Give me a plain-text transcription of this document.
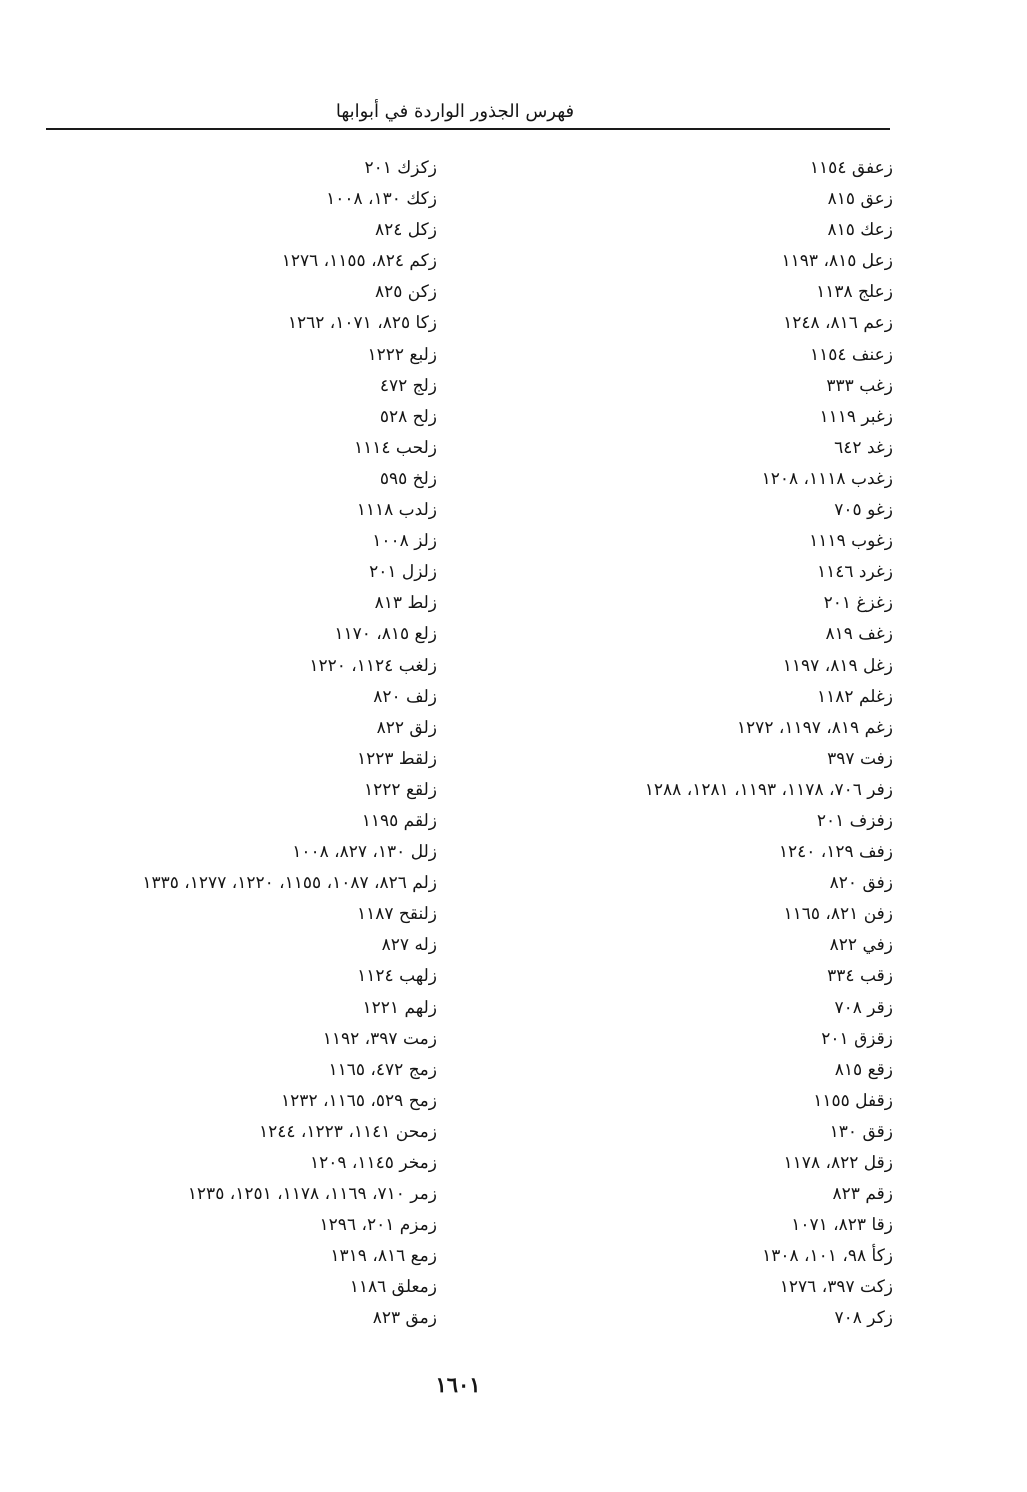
فهرس الجذور الواردة في أبوابها
زعفق ١١٥٤
زعق ٨١٥
زعك ٨١٥
زعل ٨١٥، ١١٩٣
زعلج ١١٣٨
زعم ٨١٦، ١٢٤٨
زعنف ١١٥٤
زغب ٣٣٣
زغبر ١١١٩
زغد ٦٤٢
زغدب ١١١٨، ١٢٠٨
زغو ٧٠٥
زغوب ١١١٩
زغرد ١١٤٦
زغزغ ٢٠١
زغف ٨١٩
زغل ٨١٩، ١١٩٧
زغلم ١١٨٢
زغم ٨١٩، ١١٩٧، ١٢٧٢
زفت ٣٩٧
زفر ٧٠٦، ١١٧٨، ١١٩٣، ١٢٨١، ١٢٨٨
زفزف ٢٠١
زفف ١٢٩، ١٢٤٠
زفق ٨٢٠
زفن ٨٢١، ١١٦٥
زفي ٨٢٢
زقب ٣٣٤
زقر ٧٠٨
زقزق ٢٠١
زقع ٨١٥
زقفل ١١٥٥
زقق ١٣٠
زقل ٨٢٢، ١١٧٨
زقم ٨٢٣
زقا ٨٢٣، ١٠٧١
زكأ ٩٨، ١٠١، ١٣٠٨
زكت ٣٩٧، ١٢٧٦
زكر ٧٠٨
زكزك ٢٠١
زكك ١٣٠، ١٠٠٨
زكل ٨٢٤
زكم ٨٢٤، ١١٥٥، ١٢٧٦
زكن ٨٢٥
زكا ٨٢٥، ١٠٧١، ١٢٦٢
زلبع ١٢٢٢
زلج ٤٧٢
زلح ٥٢٨
زلحب ١١١٤
زلخ ٥٩٥
زلدب ١١١٨
زلز ١٠٠٨
زلزل ٢٠١
زلط ٨١٣
زلع ٨١٥، ١١٧٠
زلغب ١١٢٤، ١٢٢٠
زلف ٨٢٠
زلق ٨٢٢
زلقط ١٢٢٣
زلقع ١٢٢٢
زلقم ١١٩٥
زلل ١٣٠، ٨٢٧، ١٠٠٨
زلم ٨٢٦، ١٠٨٧، ١١٥٥، ١٢٢٠، ١٢٧٧، ١٣٣٥
زلنقح ١١٨٧
زله ٨٢٧
زلهب ١١٢٤
زلهم ١٢٢١
زمت ٣٩٧، ١١٩٢
زمج ٤٧٢، ١١٦٥
زمح ٥٢٩، ١١٦٥، ١٢٣٢
زمحن ١١٤١، ١٢٢٣، ١٢٤٤
زمخر ١١٤٥، ١٢٠٩
زمر ٧١٠، ١١٦٩، ١١٧٨، ١٢٥١، ١٢٣٥
زمزم ٢٠١، ١٢٩٦
زمع ٨١٦، ١٣١٩
زمعلق ١١٨٦
زمق ٨٢٣
١٦٠١
